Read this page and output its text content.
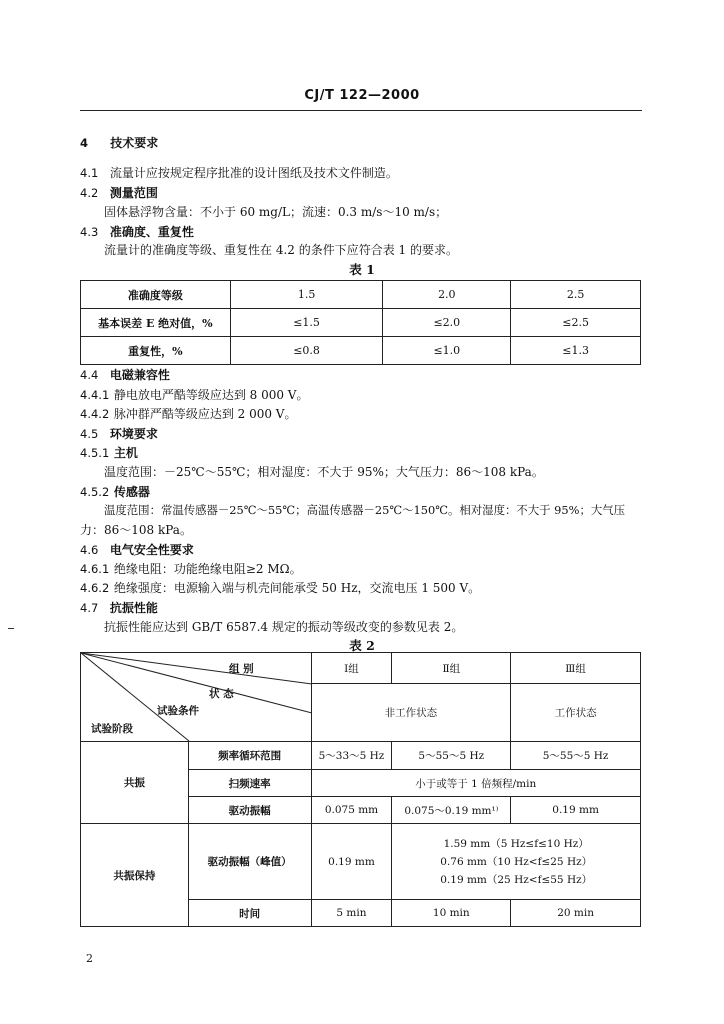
CJ/T 122—2000
4 技术要求
4.1 流量计应按规定程序批准的设计图纸及技术文件制造。
4.2 测量范围
固体悬浮物含量：不小于 60 mg/L；流速：0.3 m/s～10 m/s；
4.3 准确度、重复性
流量计的准确度等级、重复性在 4.2 的条件下应符合表 1 的要求。
表 1
准确度等级	1.5	2.0	2.5
基本误差 E 绝对值，%	≤1.5	≤2.0	≤2.5
重复性，%	≤0.8	≤1.0	≤1.3
4.4 电磁兼容性
4.4.1 静电放电严酷等级应达到 8 000 V。
4.4.2 脉冲群严酷等级应达到 2 000 V。
4.5 环境要求
4.5.1 主机
温度范围：－25℃～55℃；相对湿度：不大于 95%；大气压力：86～108 kPa。
4.5.2 传感器
温度范围：常温传感器－25℃～55℃；高温传感器－25℃～150℃。相对湿度：不大于 95%；大气压
力：86～108 kPa。
4.6 电气安全性要求
4.6.1 绝缘电阻：功能绝缘电阻≥2 MΩ。
4.6.2 绝缘强度：电源输入端与机壳间能承受 50 Hz，交流电压 1 500 V。
4.7 抗振性能
抗振性能应达到 GB/T 6587.4 规定的振动等级改变的参数见表 2。
表 2
组 别
状 态
试验条件
试验阶段		Ⅰ组	Ⅱ组	Ⅲ组
		非工作状态		工作状态
共振	频率循环范围	5～33～5 Hz	5～55～5 Hz	5～55～5 Hz
	扫频速率	小于或等于 1 倍频程/min		
	驱动振幅	0.075 mm	0.075～0.19 mm¹⁾	0.19 mm
共振保持	驱动振幅（峰值）	0.19 mm	1.59 mm（5 Hz≤f≤10 Hz）
0.76 mm（10 Hz<f≤25 Hz）
0.19 mm（25 Hz<f≤55 Hz）	

	时间	5 min	10 min	20 min
2
